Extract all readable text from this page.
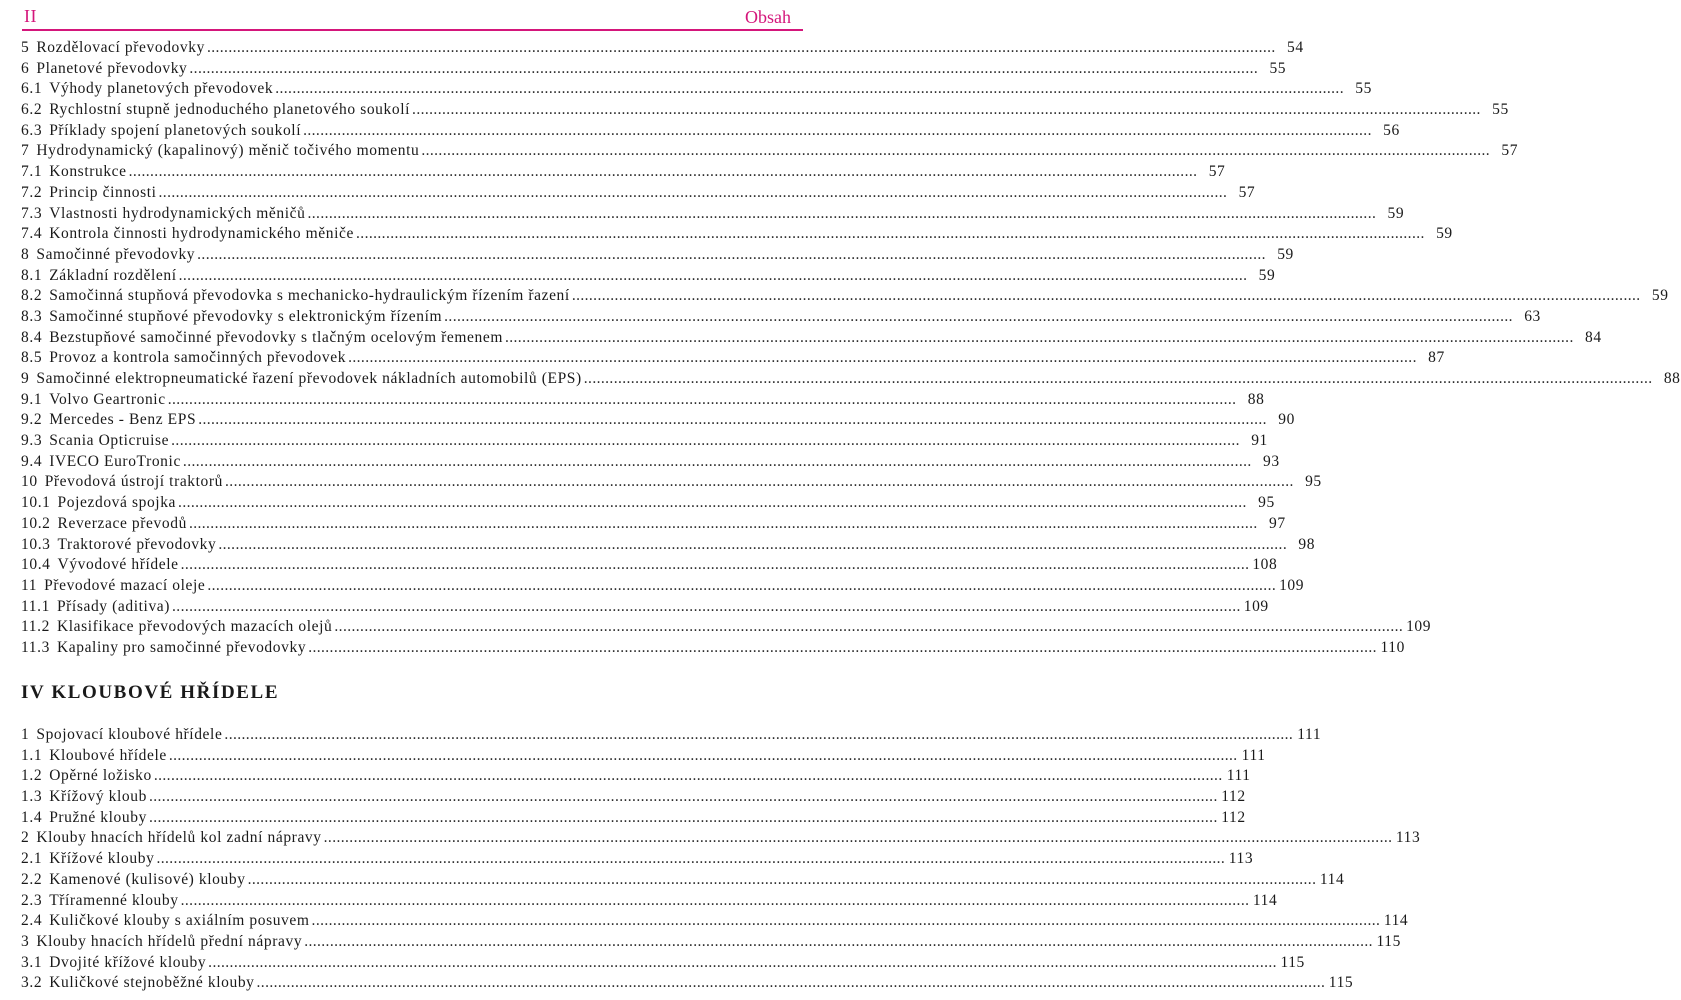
II	Obsah
5 Rozdělovací převodovky .....	54
6 Planetové převodovky .....	55
6.1 Výhody planetových převodovek .....	55
6.2 Rychlostní stupně jednoduchého planetového soukolí .....	55
6.3 Příklady spojení planetových soukolí .....	56
7 Hydrodynamický (kapalinový) měnič točivého momentu .....	57
7.1 Konstrukce .....	57
7.2 Princip činnosti .....	57
7.3 Vlastnosti hydrodynamických měničů .....	59
7.4 Kontrola činnosti hydrodynamického měniče .....	59
8 Samočinné převodovky .....	59
8.1 Základní rozdělení .....	59
8.2 Samočinná stupňová převodovka s mechanicko-hydraulickým řízením řazení .....	59
8.3 Samočinné stupňové převodovky s elektronickým řízením .....	63
8.4 Bezstupňové samočinné převodovky s tlačným ocelovým řemenem .....	84
8.5 Provoz a kontrola samočinných převodovek .....	87
9 Samočinné elektropneumatické řazení převodovek nákladních automobilů (EPS) .....	88
9.1 Volvo Geartronic .....	88
9.2 Mercedes - Benz EPS .....	90
9.3 Scania Opticruise .....	91
9.4 IVECO EuroTronic .....	93
10 Převodová ústrojí traktorů .....	95
10.1 Pojezdová spojka .....	95
10.2 Reverzace převodů .....	97
10.3 Traktorové převodovky .....	98
10.4 Vývodové hřídele .....	108
11 Převodové mazací oleje .....	109
11.1 Přísady (aditiva) .....	109
11.2 Klasifikace převodových mazacích olejů .....	109
11.3 Kapaliny pro samočinné převodovky .....	110
IV KLOUBOVÉ HŘÍDELE
1 Spojovací kloubové hřídele .....	111
1.1 Kloubové hřídele .....	111
1.2 Opěrné ložisko .....	111
1.3 Křížový kloub .....	112
1.4 Pružné klouby .....	112
2 Klouby hnacích hřídelů kol zadní nápravy .....	113
2.1 Křížové klouby .....	113
2.2 Kamenové (kulisové) klouby .....	114
2.3 Tříramenné klouby .....	114
2.4 Kuličkové klouby s axiálním posuvem .....	114
3 Klouby hnacích hřídelů přední nápravy .....	115
3.1 Dvojité křížové klouby .....	115
3.2 Kuličkové stejnoběžné klouby .....	115
